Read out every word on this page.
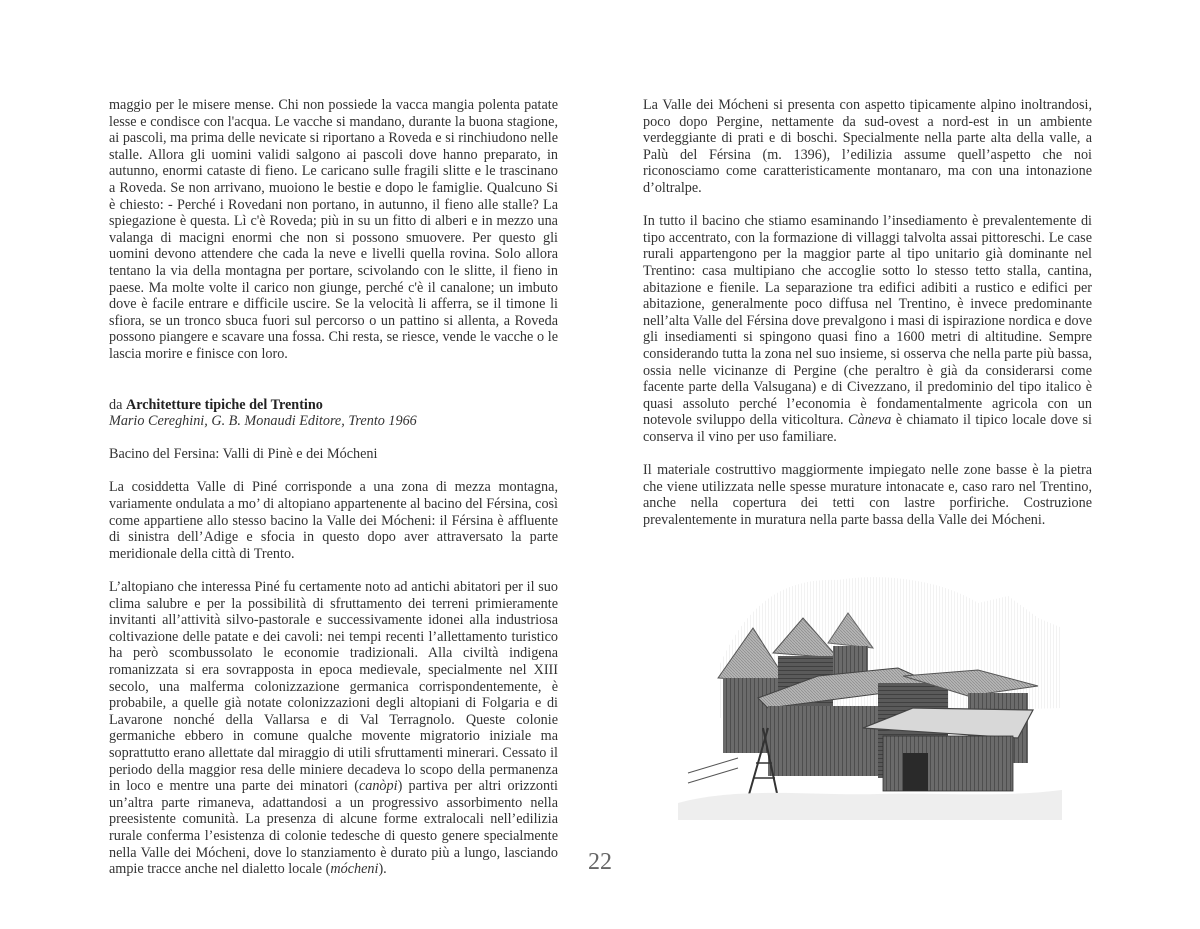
maggio per le misere mense. Chi non possiede la vacca mangia polenta patate lesse e condisce con l'acqua. Le vacche si mandano, durante la buona stagione, ai pascoli, ma prima delle nevicate si riportano a Roveda e si rinchiudono nelle stalle. Allora gli uomini validi salgono ai pascoli dove hanno preparato, in autunno, enormi cataste di fieno. Le caricano sulle fragili slitte e le trascinano a Roveda. Se non arrivano, muoiono le bestie e dopo le famiglie. Qualcuno Si è chiesto: - Perché i Rovedani non portano, in autunno, il fieno alle stalle? La spiegazione è questa. Lì c'è Roveda; più in su un fitto di alberi e in mezzo una valanga di macigni enormi che non si possono smuovere. Per questo gli uomini devono attendere che cada la neve e livelli quella rovina. Solo allora tentano la via della montagna per portare, scivolando con le slitte, il fieno in paese. Ma molte volte il carico non giunge, perché c'è il canalone; un imbuto dove è facile entrare e difficile uscire. Se la velocità li afferra, se il timone li sfiora, se un tronco sbuca fuori sul percorso o un pattino si allenta, a Roveda possono piangere e scavare una fossa. Chi resta, se riesce, vende le vacche o le lascia morire e finisce con loro.

da Architetture tipiche del Trentino
Mario Cereghini, G. B. Monaudi Editore, Trento 1966

Bacino del Fersina: Valli di Pinè e dei Mócheni

La cosiddetta Valle di Piné corrisponde a una zona di mezza montagna, variamente ondulata a mo’ di altopiano appartenente al bacino del Férsina, così come appartiene allo stesso bacino la Valle dei Mócheni: il Férsina è affluente di sinistra dell’Adige e sfocia in questo dopo aver attraversato la parte meridionale della città di Trento.

L’altopiano che interessa Piné fu certamente noto ad antichi abitatori per il suo clima salubre e per la possibilità di sfruttamento dei terreni primieramente invitanti all’attività silvo-pastorale e successivamente idonei alla industriosa coltivazione delle patate e dei cavoli: nei tempi recenti l’allettamento turistico ha però scombussolato le economie tradizionali. Alla civiltà indigena romanizzata si era sovrapposta in epoca medievale, specialmente nel XIII secolo, una malferma colonizzazione germanica corrispondentemente, è probabile, a quelle già notate colonizzazioni degli altopiani di Folgaria e di Lavarone nonché della Vallarsa e di Val Terragnolo. Queste colonie germaniche ebbero in comune qualche movente migratorio iniziale ma soprattutto erano allettate dal miraggio di utili sfruttamenti minerari. Cessato il periodo della maggior resa delle miniere decadeva lo scopo della permanenza in loco e mentre una parte dei minatori (canòpi) partiva per altri orizzonti un’altra parte rimaneva, adattandosi a un progressivo assorbimento nella preesistente comunità. La presenza di alcune forme extralocali nell’edilizia rurale conferma l’esistenza di colonie tedesche di questo genere specialmente nella Valle dei Mócheni, dove lo stanziamento è durato più a lungo, lasciando ampie tracce anche nel dialetto locale (mócheni).

La Valle dei Mócheni si presenta con aspetto tipicamente alpino inoltrandosi, poco dopo Pergine, nettamente da sud-ovest a nord-est in un ambiente verdeggiante di prati e di boschi. Specialmente nella parte alta della valle, a Palù del Férsina (m. 1396), l’edilizia assume quell’aspetto che noi riconosciamo come caratteristicamente montanaro, ma con una intonazione d’oltralpe.

In tutto il bacino che stiamo esaminando l’insediamento è prevalentemente di tipo accentrato, con la formazione di villaggi talvolta assai pittoreschi. Le case rurali appartengono per la maggior parte al tipo unitario già dominante nel Trentino: casa multipiano che accoglie sotto lo stesso tetto stalla, cantina, abitazione e fienile. La separazione tra edifici adibiti a rustico e edifici per abitazione, generalmente poco diffusa nel Trentino, è invece predominante nell’alta Valle del Férsina dove prevalgono i masi di ispirazione nordica e dove gli insediamenti si spingono quasi fino a 1600 metri di altitudine. Sempre considerando tutta la zona nel suo insieme, si osserva che nella parte più bassa, ossia nelle vicinanze di Pergine (che peraltro è già da considerarsi come facente parte della Valsugana) e di Civezzano, il predominio del tipo italico è quasi assoluto perché l’economia è fondamentalmente agricola con un notevole sviluppo della viticoltura. Càneva è chiamato il tipico locale dove si conserva il vino per uso familiare.

Il materiale costruttivo maggiormente impiegato nelle zone basse è la pietra che viene utilizzata nelle spesse murature intonacate e, caso raro nel Trentino, anche nella copertura dei tetti con lastre porfiriche. Costruzione prevalentemente in muratura nella parte bassa della Valle dei Mócheni.

22
